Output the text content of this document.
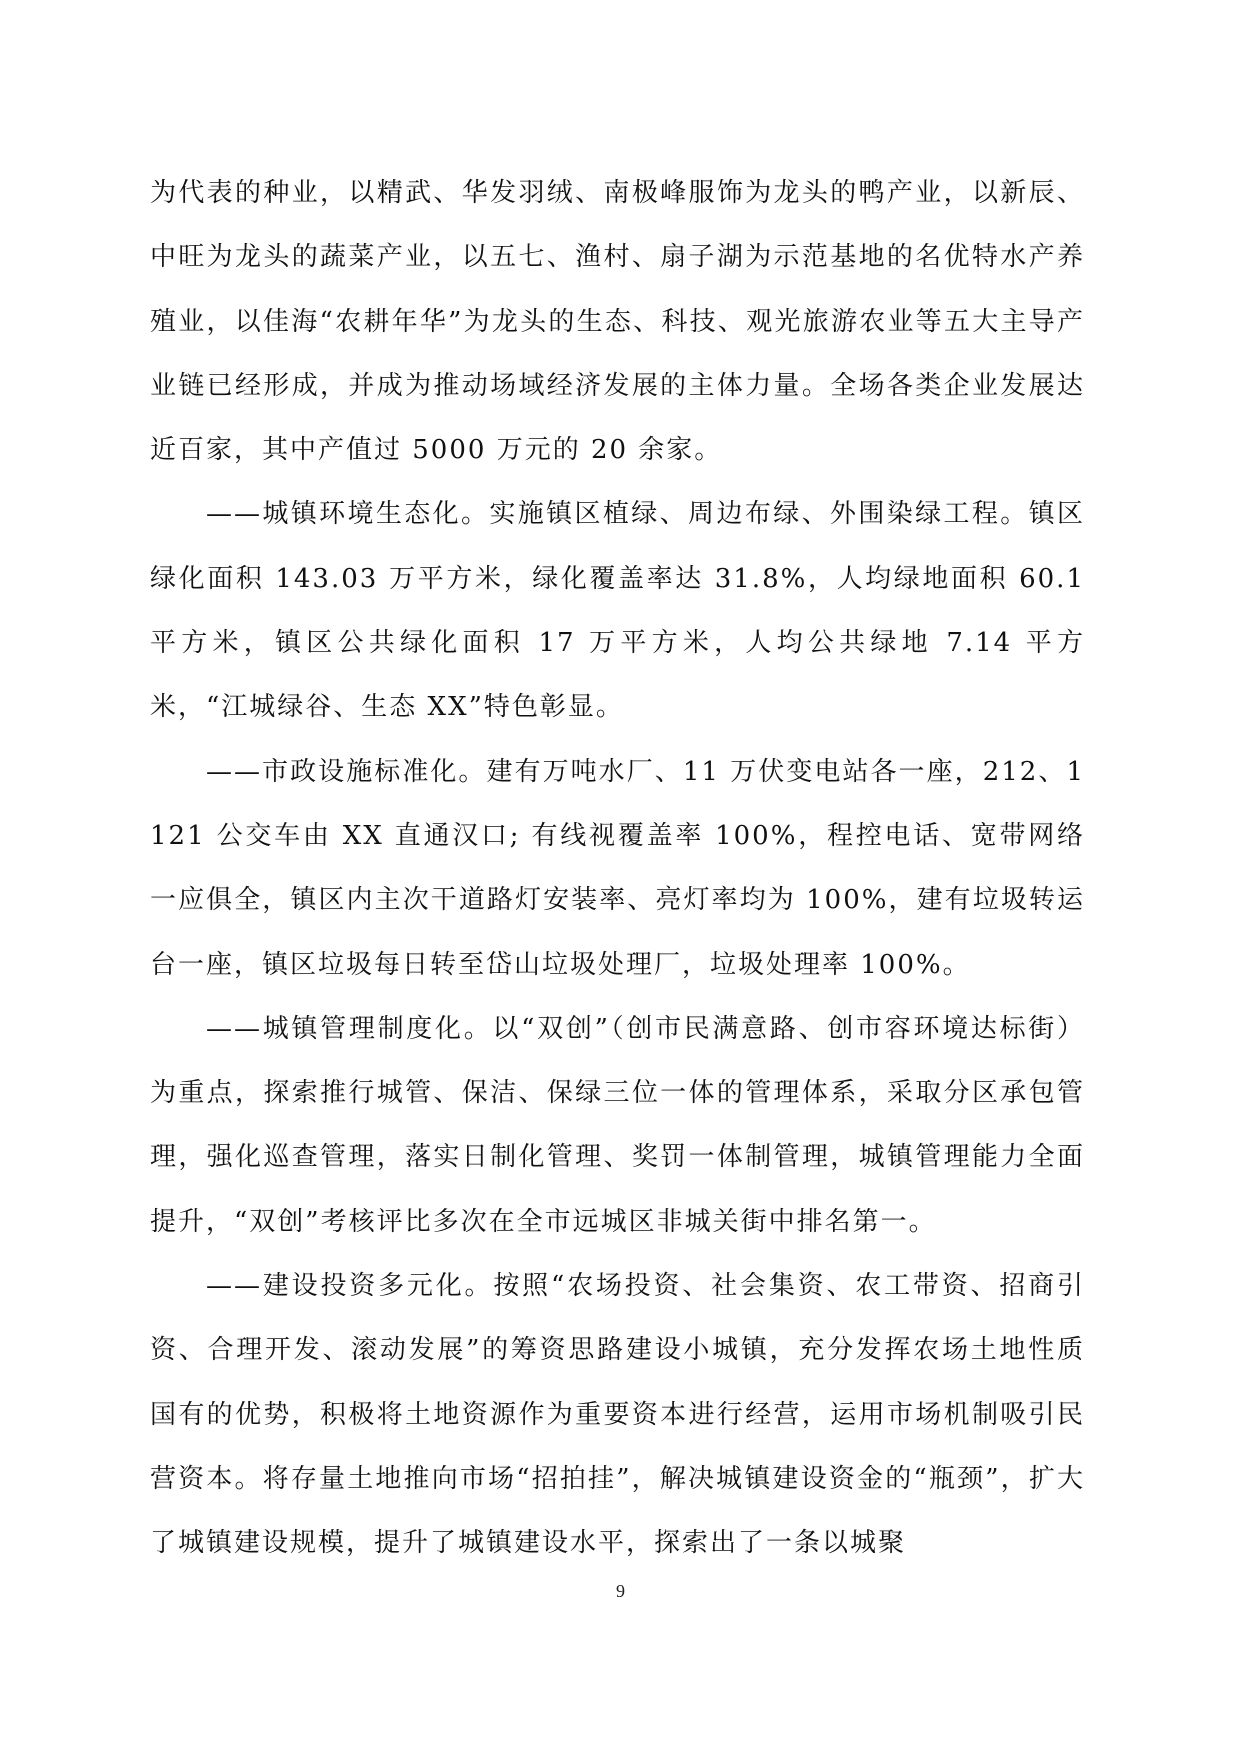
为代表的种业，以精武、华发羽绒、南极峰服饰为龙头的鸭产业，以新辰、中旺为龙头的蔬菜产业，以五七、渔村、扇子湖为示范基地的名优特水产养殖业，以佳海“农耕年华”为龙头的生态、科技、观光旅游农业等五大主导产业链已经形成，并成为推动场域经济发展的主体力量。全场各类企业发展达近百家，其中产值过 5000 万元的 20 余家。

——城镇环境生态化。实施镇区植绿、周边布绿、外围染绿工程。镇区绿化面积 143.03 万平方米，绿化覆盖率达 31.8%，人均绿地面积 60.1 平方米，镇区公共绿化面积 17 万平方米，人均公共绿地 7.14 平方米，“江城绿谷、生态 XX”特色彰显。

——市政设施标准化。建有万吨水厂、11 万伏变电站各一座，212、1121 公交车由 XX 直通汉口; 有线视覆盖率 100%，程控电话、宽带网络一应俱全，镇区内主次干道路灯安装率、亮灯率均为 100%，建有垃圾转运台一座，镇区垃圾每日转至岱山垃圾处理厂，垃圾处理率 100%。

——城镇管理制度化。以“双创”（创市民满意路、创市容环境达标街）为重点，探索推行城管、保洁、保绿三位一体的管理体系，采取分区承包管理，强化巡查管理，落实日制化管理、奖罚一体制管理，城镇管理能力全面提升，“双创”考核评比多次在全市远城区非城关街中排名第一。

——建设投资多元化。按照“农场投资、社会集资、农工带资、招商引资、合理开发、滚动发展”的筹资思路建设小城镇，充分发挥农场土地性质国有的优势，积极将土地资源作为重要资本进行经营，运用市场机制吸引民营资本。将存量土地推向市场“招拍挂”，解决城镇建设资金的“瓶颈”，扩大了城镇建设规模，提升了城镇建设水平，探索出了一条以城聚

9
